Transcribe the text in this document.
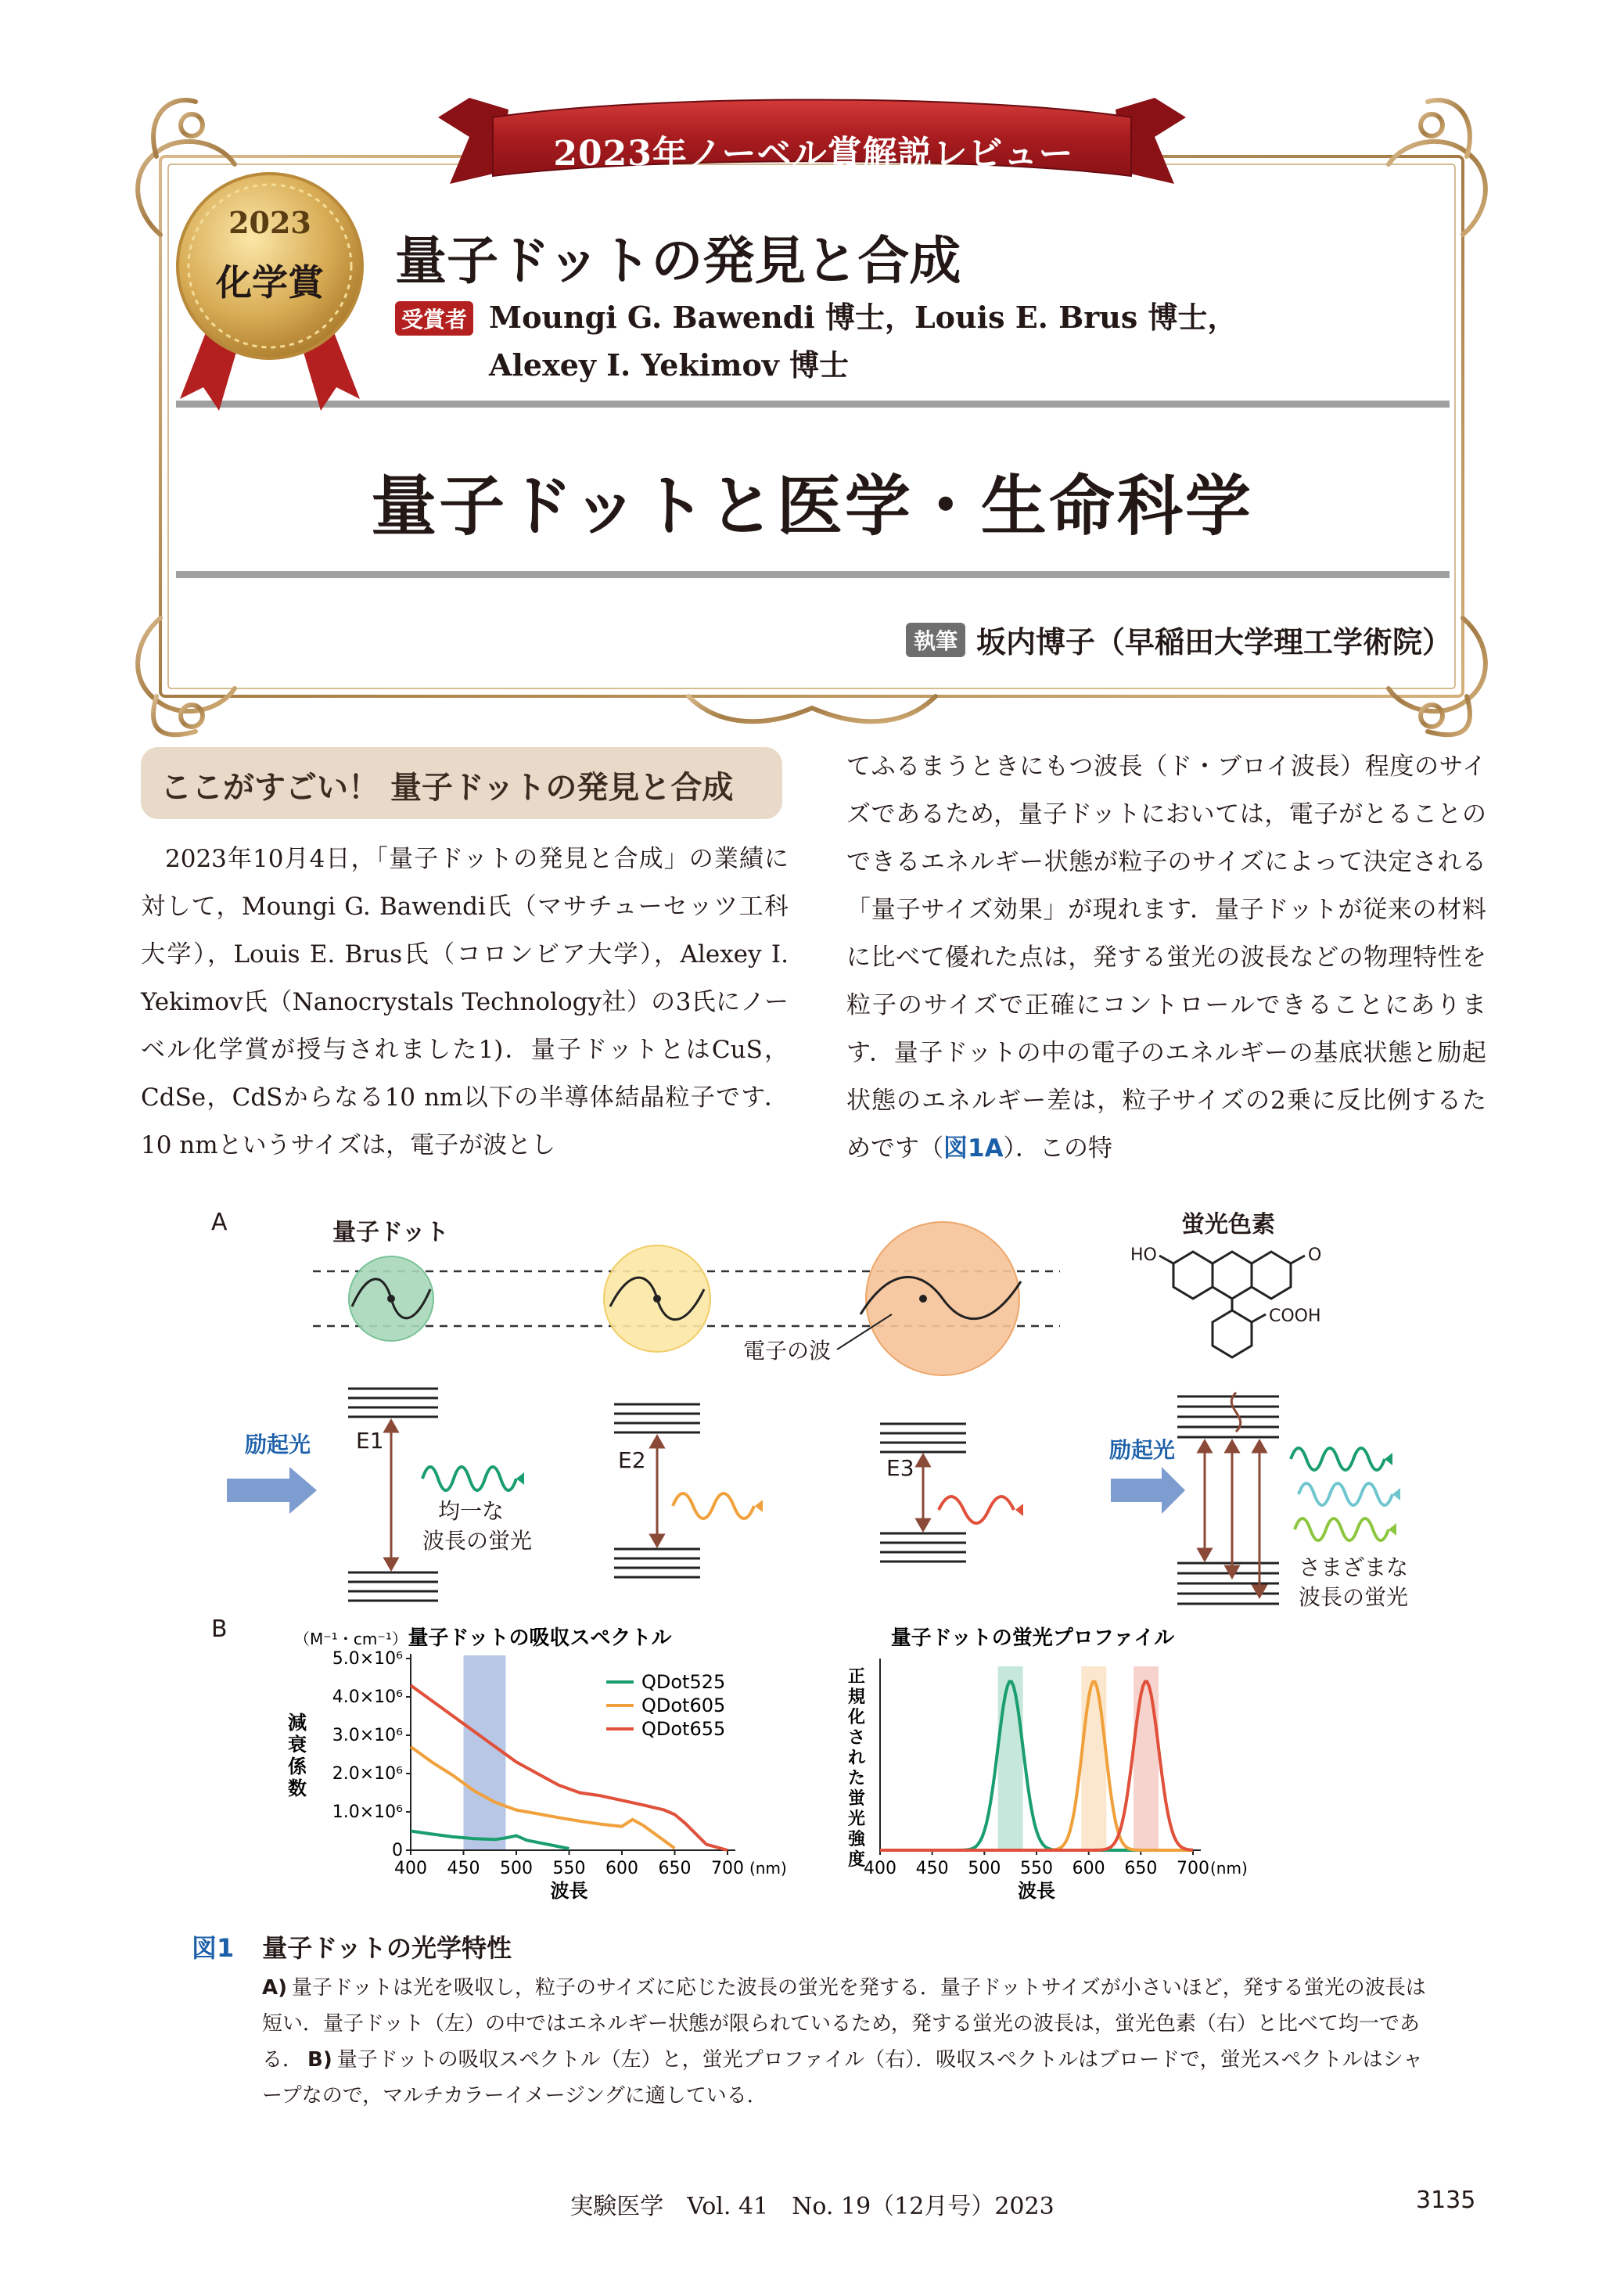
2023年ノーベル賞解説レビュー2
2023
化学賞	量子ドットの発見と合成
受賞者 Moungi G. Bawendi 博士，Louis E. Brus 博士，
Alexey I. Yekimov 博士
量子ドットと医学・生命科学
執筆 坂内博子（早稲田大学理工学術院）
ここがすごい！ 量子ドットの発見と合成

2023年10月4日，「量子ドットの発見と合成」の業績に対して，Moungi G. Bawendi氏（マサチューセッツ工科大学），Louis E. Brus氏（コロンビア大学），Alexey I. Yekimov氏（Nanocrystals Technology社）の3氏にノーベル化学賞が授与されました1)．量子ドットとはCuS，CdSe，CdSからなる10 nm以下の半導体結晶粒子です．10 nmというサイズは，電子が波とし

てふるまうときにもつ波長（ド・ブロイ波長）程度のサイズであるため，量子ドットにおいては，電子がとることのできるエネルギー状態が粒子のサイズによって決定される「量子サイズ効果」が現れます．量子ドットが従来の材料に比べて優れた点は，発する蛍光の波長などの物理特性を粒子のサイズで正確にコントロールできることにあります．量子ドットの中の電子のエネルギーの基底状態と励起状態のエネルギー差は，粒子サイズの2乗に反比例するためです（図1A）．この特
A	量子ドット	蛍光色素
HO	O
COOH
電子の波
励起光	励起光
E1
E2	E3
均一な
波長の蛍光
さまざまな
波長の蛍光
B	量子ドットの吸収スペクトル
（M⁻¹・cm⁻¹）
0
1.0×10⁶
2.0×10⁶
3.0×10⁶
4.0×10⁶
5.0×10⁶
400 450 500 550 600 650 700 (nm)
波長
減衰係数
QDot525
QDot605
QDot655
量子ドットの蛍光プロファイル
400 450 500 550 600 650 700 (nm)
波長
正規化された蛍光強度
図1 量子ドットの光学特性
A) 量子ドットは光を吸収し，粒子のサイズに応じた波長の蛍光を発する．量子ドットサイズが小さいほど，発する蛍光の波長は短い．量子ドット（左）の中ではエネルギー状態が限られているため，発する蛍光の波長は，蛍光色素（右）と比べて均一である． B) 量子ドットの吸収スペクトル（左）と，蛍光プロファイル（右）．吸収スペクトルはブロードで，蛍光スペクトルはシャープなので，マルチカラーイメージングに適している．
実験医学　Vol. 41　No. 19（12月号）2023	3135
